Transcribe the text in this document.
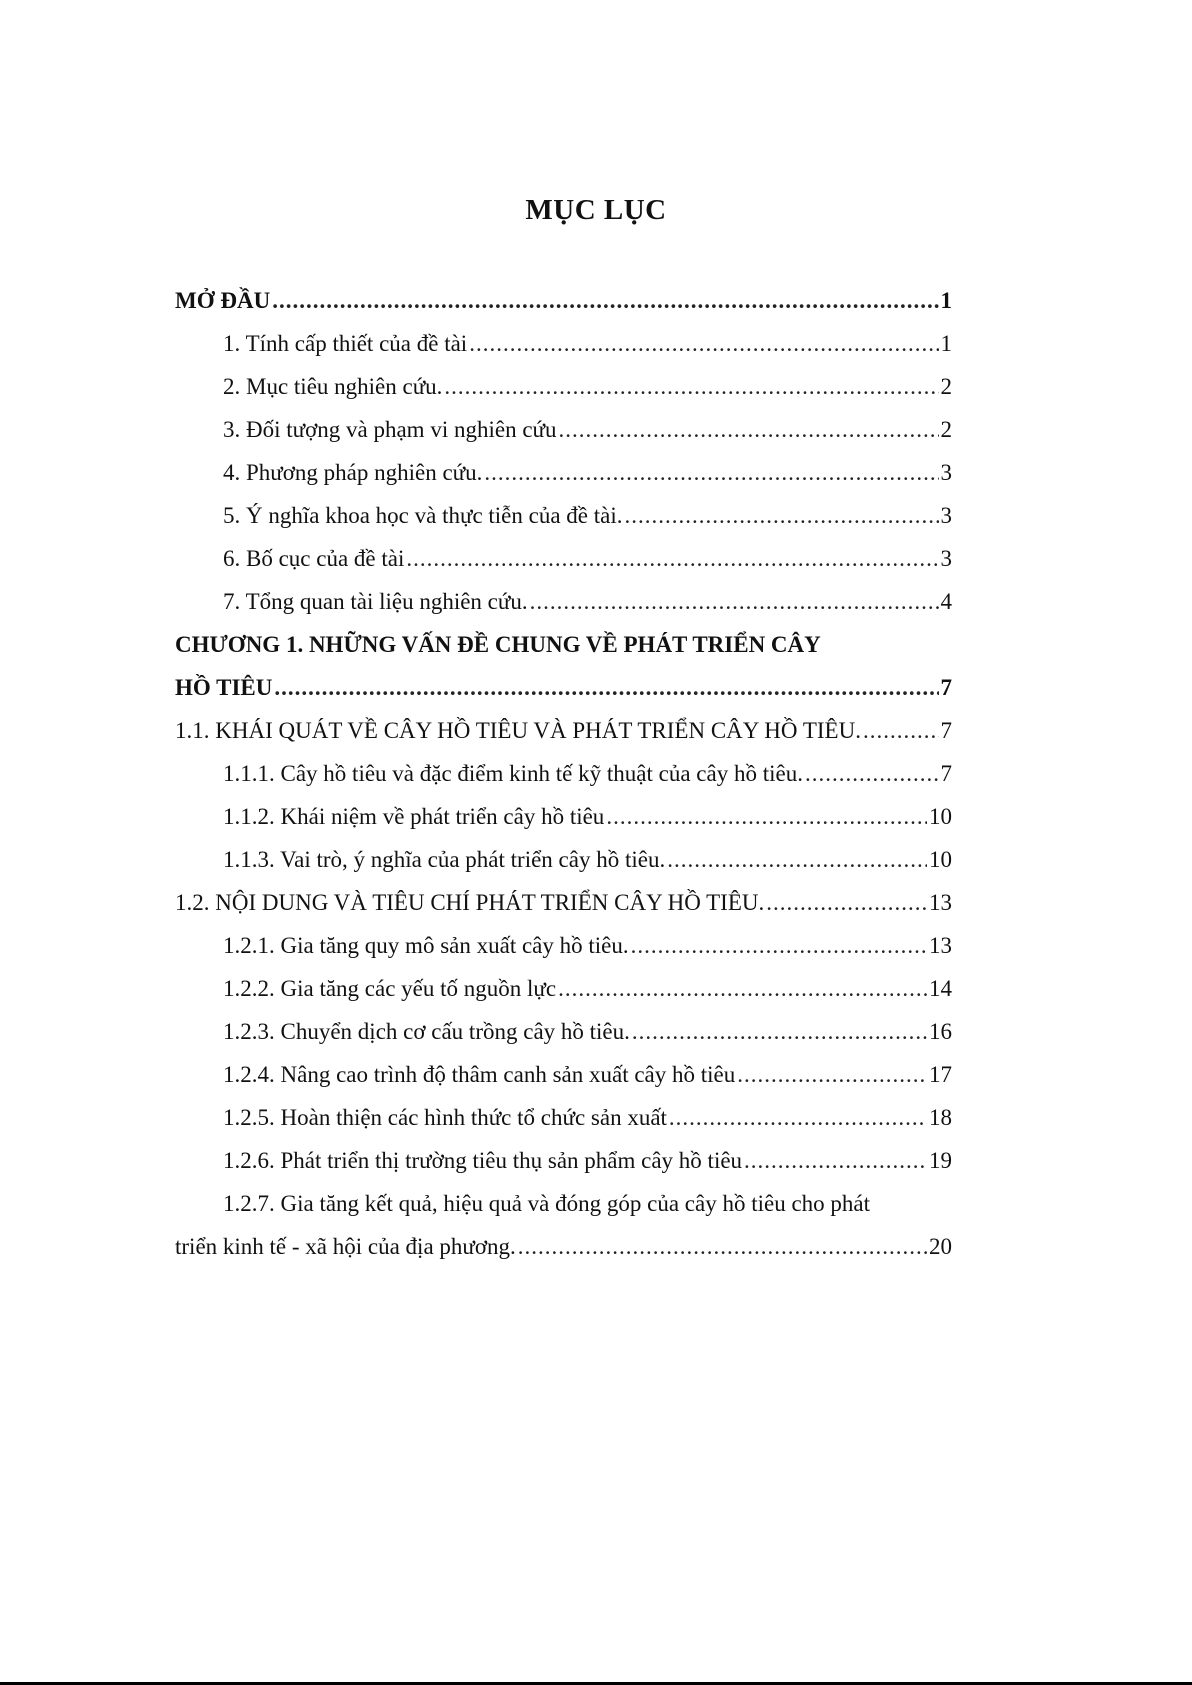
MỤC LỤC
MỞ ĐẦU .....	1
1. Tính cấp thiết của đề tài .....	1
2. Mục tiêu nghiên cứu. .....	2
3. Đối tượng và phạm vi nghiên cứu .....	2
4. Phương pháp nghiên cứu. .....	3
5. Ý nghĩa khoa học và thực tiễn của đề tài. .....	3
6. Bố cục của đề tài .....	3
7. Tổng quan tài liệu nghiên cứu. .....	4
CHƯƠNG 1. NHỮNG VẤN ĐỀ CHUNG VỀ PHÁT TRIỂN CÂY
HỒ TIÊU .....	7
1.1. KHÁI QUÁT VỀ CÂY HỒ TIÊU VÀ PHÁT TRIỂN CÂY HỒ TIÊU. .....	7
1.1.1. Cây hồ tiêu và đặc điểm kinh tế kỹ thuật của cây hồ tiêu. .....	7
1.1.2. Khái niệm về phát triển cây hồ tiêu .....	10
1.1.3. Vai trò, ý nghĩa của phát triển cây hồ tiêu. .....	10
1.2. NỘI DUNG VÀ TIÊU CHÍ PHÁT TRIỂN CÂY HỒ TIÊU. .....	13
1.2.1. Gia tăng quy mô sản xuất cây hồ tiêu. .....	13
1.2.2. Gia tăng các yếu tố nguồn lực .....	14
1.2.3. Chuyển dịch cơ cấu trồng cây hồ tiêu. .....	16
1.2.4. Nâng cao trình độ thâm canh sản xuất cây hồ tiêu .....	17
1.2.5. Hoàn thiện các hình thức tổ chức sản xuất .....	18
1.2.6. Phát triển thị trường tiêu thụ sản phẩm cây hồ tiêu .....	19
1.2.7. Gia tăng kết quả, hiệu quả và đóng góp của cây hồ tiêu cho phát
triển kinh tế - xã hội của địa phương. .....	20
